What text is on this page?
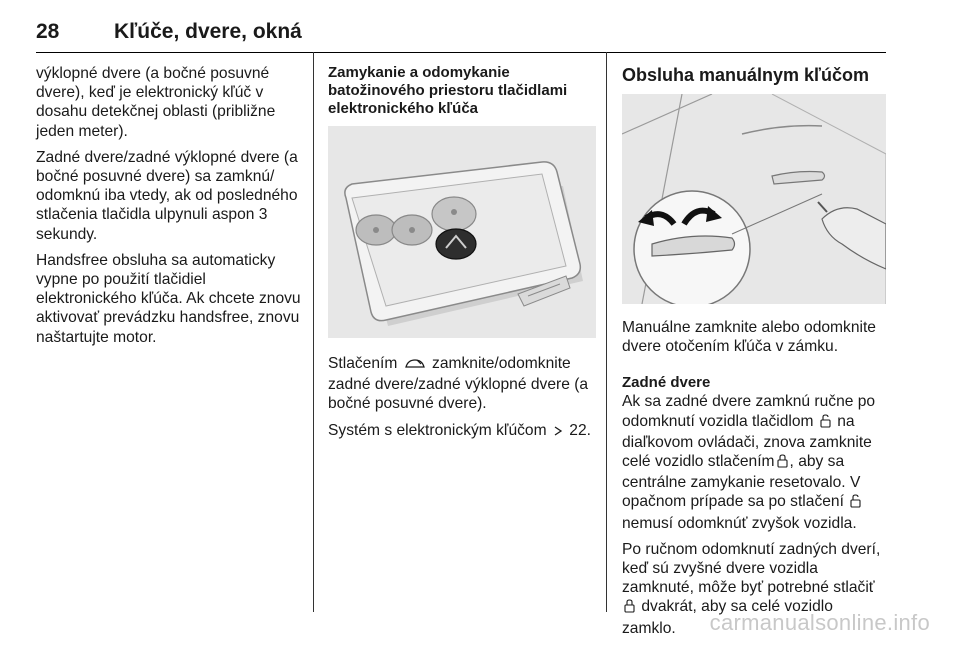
28	Kľúče, dvere, okná

výklopné dvere (a bočné posuvné dvere), keď je elektronický kľúč v dosahu detekčnej oblasti (približne jeden meter).

Zadné dvere/zadné výklopné dvere (a bočné posuvné dvere) sa zamknú/ odomknú iba vtedy, ak od posledného stlačenia tlačidla ulpynuli aspon 3 sekundy.

Handsfree obsluha sa automaticky vypne po použití tlačidiel elektronického kľúča. Ak chcete znovu aktivovať prevádzku handsfree, znovu naštartujte motor.

Zamykanie a odomykanie batožinového priestoru tlačidlami elektronického kľúča

Stlačením zamknite/odomknite zadné dvere/zadné výklopné dvere (a bočné posuvné dvere).

Systém s elektronickým kľúčom 22.

Obsluha manuálnym kľúčom

Manuálne zamknite alebo odomknite dvere otočením kľúča v zámku.

Zadné dvere

Ak sa zadné dvere zamknú ručne po odomknutí vozidla tlačidlom na diaľkovom ovládači, znova zamknite celé vozidlo stlačením , aby sa centrálne zamykanie resetovalo. V opačnom prípade sa po stlačení  nemusí odomknúť zvyšok vozidla.

Po ručnom odomknutí zadných dverí, keď sú zvyšné dvere vozidla zamknuté, môže byť potrebné stlačiť  dvakrát, aby sa celé vozidlo zamklo.	carmanualsonline.info
